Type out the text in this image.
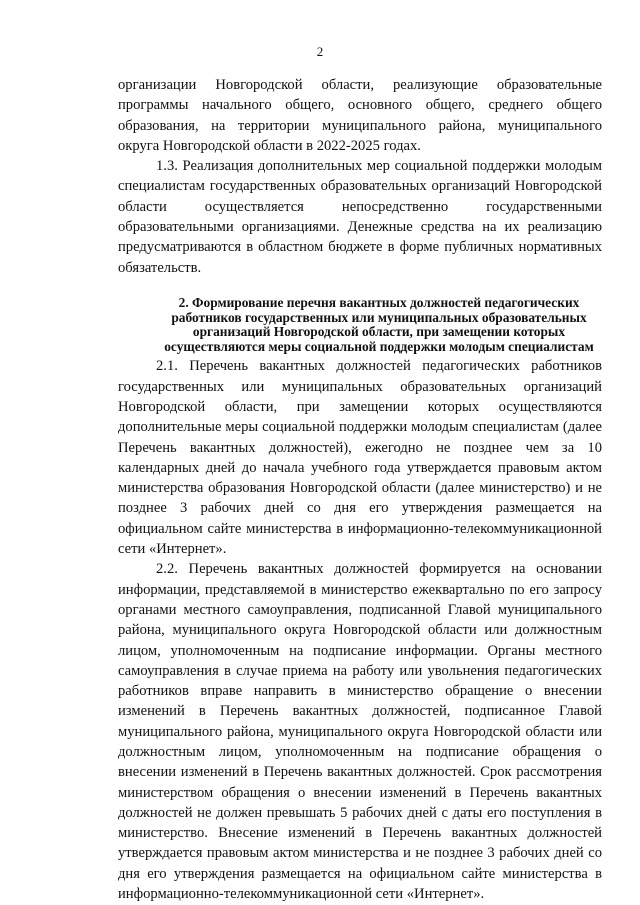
2

организации Новгородской области, реализующие образовательные программы начального общего, основного общего, среднего общего образования, на территории муниципального района, муниципального округа Новгородской области в 2022-2025 годах.

1.3. Реализация дополнительных мер социальной поддержки молодым специалистам государственных образовательных организаций Новгородской области осуществляется непосредственно государственными образовательными организациями. Денежные средства на их реализацию предусматриваются в областном бюджете в форме публичных нормативных обязательств.

2. Формирование перечня вакантных должностей педагогических работников государственных или муниципальных образовательных организаций Новгородской области, при замещении которых осуществляются меры социальной поддержки молодым специалистам

2.1. Перечень вакантных должностей педагогических работников государственных или муниципальных образовательных организаций Новгородской области, при замещении которых осуществляются дополнительные меры социальной поддержки молодым специалистам (далее Перечень вакантных должностей), ежегодно не позднее чем за 10 календарных дней до начала учебного года утверждается правовым актом министерства образования Новгородской области (далее министерство) и не позднее 3 рабочих дней со дня его утверждения размещается на официальном сайте министерства в информационно-телекоммуникационной сети «Интернет».

2.2. Перечень вакантных должностей формируется на основании информации, представляемой в министерство ежеквартально по его запросу органами местного самоуправления, подписанной Главой муниципального района, муниципального округа Новгородской области или должностным лицом, уполномоченным на подписание информации. Органы местного самоуправления в случае приема на работу или увольнения педагогических работников вправе направить в министерство обращение о внесении изменений в Перечень вакантных должностей, подписанное Главой муниципального района, муниципального округа Новгородской области или должностным лицом, уполномоченным на подписание обращения о внесении изменений в Перечень вакантных должностей. Срок рассмотрения министерством обращения о внесении изменений в Перечень вакантных должностей не должен превышать 5 рабочих дней с даты его поступления в министерство. Внесение изменений в Перечень вакантных должностей утверждается правовым актом министерства и не позднее 3 рабочих дней со дня его утверждения размещается на официальном сайте министерства в информационно-телекоммуникационной сети «Интернет».
